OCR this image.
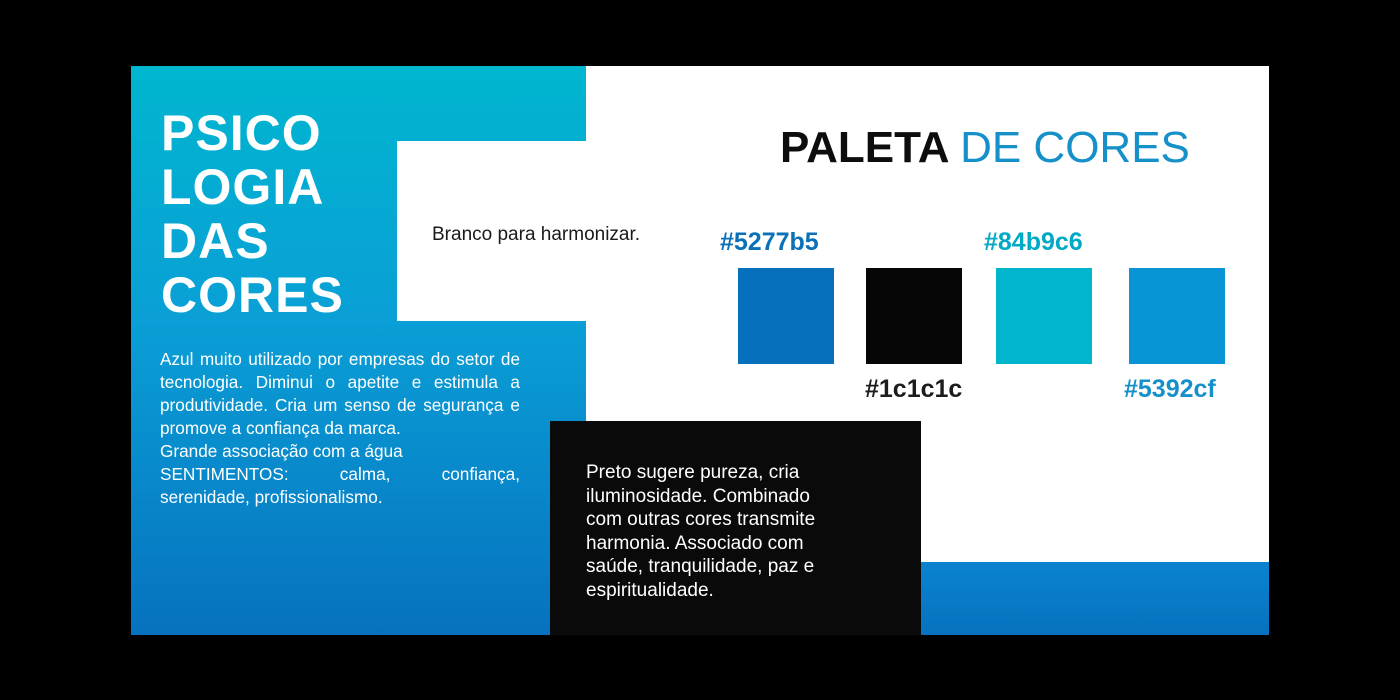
PSICO
LOGIA
DAS
CORES

Azul muito utilizado por empresas do setor de tecnologia. Diminui o apetite e estimula a produtividade. Cria um senso de segurança e promove a confiança da marca.

Grande associação com a água

SENTIMENTOS: calma, confiança, serenidade, profissionalismo.

Branco para harmonizar.
PALETA DE CORES
#5277b5
#1c1c1c
#84b9c6
#5392cf
Preto sugere pureza, cria
iluminosidade. Combinado
com outras cores transmite
harmonia. Associado com
saúde, tranquilidade, paz e
espiritualidade.
